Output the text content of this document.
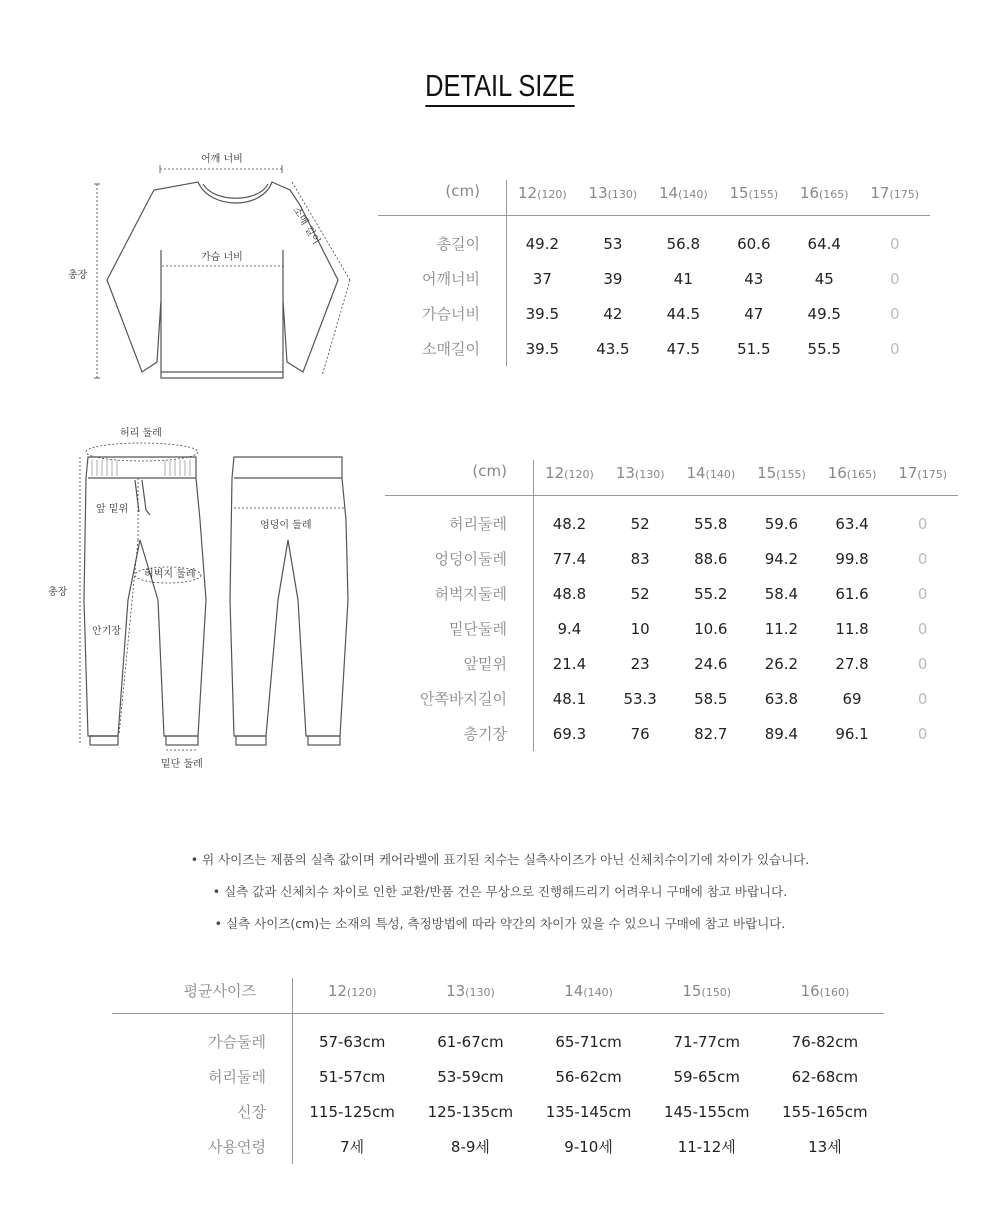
DETAIL SIZE
어깨 너비
소매 길이
가슴 너비
총장
허리 둘레
앞 밑위
엉덩이 둘레
허벅지 둘레
총장
안기장
밑단 둘레
(cm)	12(120)	13(130)	14(140)	15(155)	16(165)	17(175)
총길이	49.2	53	56.8	60.6	64.4	0
어깨너비	37	39	41	43	45	0
가슴너비	39.5	42	44.5	47	49.5	0
소매길이	39.5	43.5	47.5	51.5	55.5	0
(cm)	12(120)	13(130)	14(140)	15(155)	16(165)	17(175)
허리둘레	48.2	52	55.8	59.6	63.4	0
엉덩이둘레	77.4	83	88.6	94.2	99.8	0
허벅지둘레	48.8	52	55.2	58.4	61.6	0
밑단둘레	9.4	10	10.6	11.2	11.8	0
앞밑위	21.4	23	24.6	26.2	27.8	0
안쪽바지길이	48.1	53.3	58.5	63.8	69	0
총기장	69.3	76	82.7	89.4	96.1	0
• 위 사이즈는 제품의 실측 값이며 케어라벨에 표기된 치수는 실측사이즈가 아닌 신체치수이기에 차이가 있습니다.
• 실측 값과 신체치수 차이로 인한 교환/반품 건은 무상으로 진행해드리기 어려우니 구매에 참고 바랍니다.
• 실측 사이즈(cm)는 소재의 특성, 측정방법에 따라 약간의 차이가 있을 수 있으니 구매에 참고 바랍니다.
평균사이즈	12(120)	13(130)	14(140)	15(150)	16(160)
가슴둘레	57-63cm	61-67cm	65-71cm	71-77cm	76-82cm
허리둘레	51-57cm	53-59cm	56-62cm	59-65cm	62-68cm
신장	115-125cm	125-135cm	135-145cm	145-155cm	155-165cm
사용연령	7세	8-9세	9-10세	11-12세	13세
